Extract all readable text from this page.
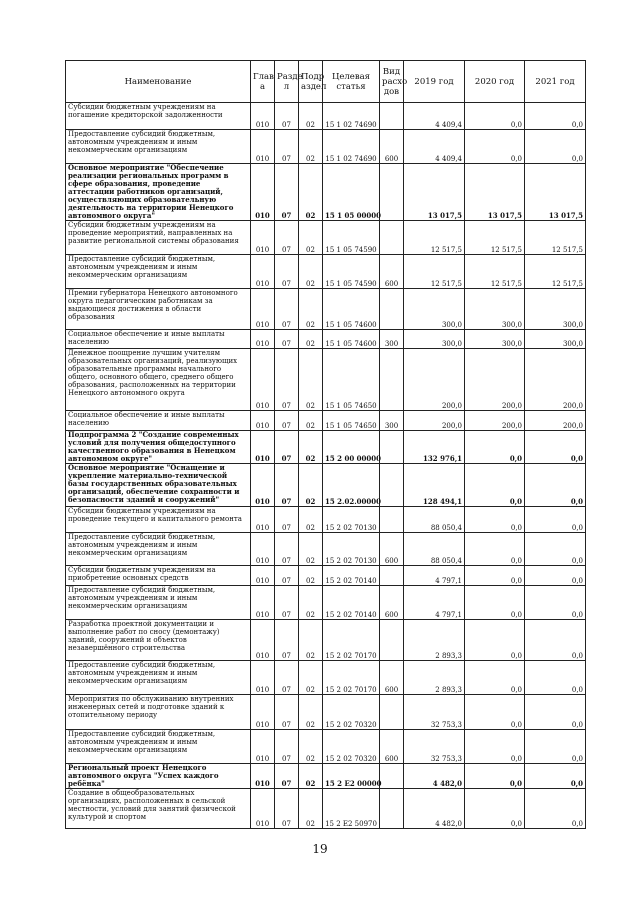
Наименование	Глав а	Разде л	Подр аздел	Целевая статья	Вид расхо дов	2019 год	2020 год	2021 год
Субсидии бюджетным учреждениям на погашение кредиторской задолженности	010	07	02	15 1 02 74690		4 409,4	0,0	0,0
Предоставление субсидий бюджетным, автономным учреждениям и иным некоммерческим организациям	010	07	02	15 1 02 74690	600	4 409,4	0,0	0,0
Основное мероприятие "Обеспечение реализации региональных программ в сфере образования, проведение аттестации работников организаций, осуществляющих образовательную деятельность на территории Ненецкого автономного округа"	010	07	02	15 1 05 00000		13 017,5	13 017,5	13 017,5
Субсидии бюджетным учреждениям на проведение мероприятий, направленных на развитие региональной системы образования	010	07	02	15 1 05 74590		12 517,5	12 517,5	12 517,5
Предоставление субсидий бюджетным, автономным учреждениям и иным некоммерческим организациям	010	07	02	15 1 05 74590	600	12 517,5	12 517,5	12 517,5
Премии губернатора Ненецкого автономного округа педагогическим работникам за выдающиеся достижения в области образования	010	07	02	15 1 05 74600		300,0	300,0	300,0
Социальное обеспечение и иные выплаты населению	010	07	02	15 1 05 74600	300	300,0	300,0	300,0
Денежное поощрение лучшим учителям образовательных организаций, реализующих образовательные программы начального общего, основного общего, среднего общего образования, расположенных на территории Ненецкого автономного округа	010	07	02	15 1 05 74650		200,0	200,0	200,0
Социальное обеспечение и иные выплаты населению	010	07	02	15 1 05 74650	300	200,0	200,0	200,0
Подпрограмма 2 "Создание современных условий для получения общедоступного качественного образования в Ненецком автономном округе"	010	07	02	15 2 00 00000		132 976,1	0,0	0,0
Основное мероприятие "Оснащение и укрепление материально-технической базы государственных образовательных организаций, обеспечение сохранности и безопасности зданий и сооружений"	010	07	02	15 2.02.00000		128 494,1	0,0	0,0
Субсидии бюджетным учреждениям на проведение текущего и капитального ремонта	010	07	02	15 2 02 70130		88 050,4	0,0	0,0
Предоставление субсидий бюджетным, автономным учреждениям и иным некоммерческим организациям	010	07	02	15 2 02 70130	600	88 050,4	0,0	0,0
Субсидии бюджетным учреждениям на приобретение основных средств	010	07	02	15 2 02 70140		4 797,1	0,0	0,0
Предоставление субсидий бюджетным, автономным учреждениям и иным некоммерческим организациям	010	07	02	15 2 02 70140	600	4 797,1	0,0	0,0
Разработка проектной документации и выполнение работ по сносу (демонтажу) зданий, сооружений и объектов незавершённого строительства	010	07	02	15 2 02 70170		2 893,3	0,0	0,0
Предоставление субсидий бюджетным, автономным учреждениям и иным некоммерческим организациям	010	07	02	15 2 02 70170	600	2 893,3	0,0	0,0
Мероприятия по обслуживанию внутренних инженерных сетей и подготовке зданий к отопительному периоду	010	07	02	15 2 02 70320		32 753,3	0,0	0,0
Предоставление субсидий бюджетным, автономным учреждениям и иным некоммерческим организациям	010	07	02	15 2 02 70320	600	32 753,3	0,0	0,0
Региональный проект Ненецкого автономного округа "Успех каждого ребёнка"	010	07	02	15 2 Е2 00000		4 482,0	0,0	0,0
Создание в общеобразовательных организациях, расположенных в сельской местности, условий для занятий физической культурой и спортом	010	07	02	15 2 Е2 50970		4 482,0	0,0	0,0
19
